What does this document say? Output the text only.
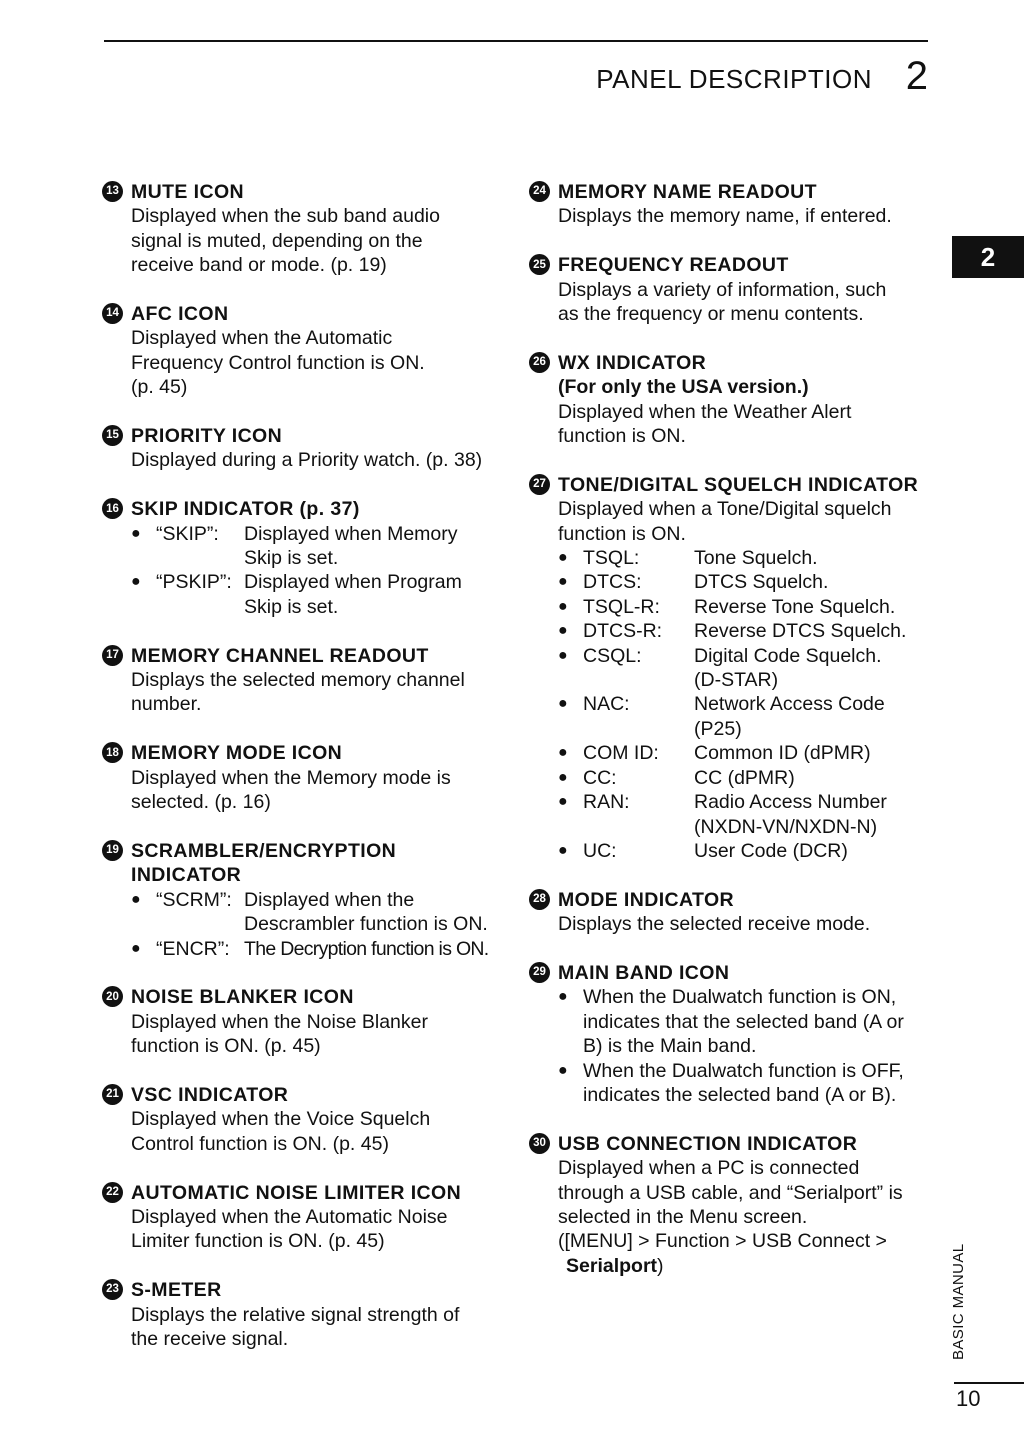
PANEL DESCRIPTION 2
2
13 MUTE ICON
Displayed when the sub band audio
signal is muted, depending on the
receive band or mode. (p. 19)
14 AFC ICON
Displayed when the Automatic
Frequency Control function is ON.
(p. 45)
15 PRIORITY ICON
Displayed during a Priority watch. (p. 38)
16 SKIP INDICATOR (p. 37)
● “SKIP”:	Displayed when Memory
Skip is set.
● “PSKIP”: Displayed when Program
Skip is set.
17 MEMORY CHANNEL READOUT
Displays the selected memory channel
number.
18 MEMORY MODE ICON
Displayed when the Memory mode is
selected. (p. 16)
19 SCRAMBLER/ENCRYPTION
INDICATOR
● “SCRM”: Displayed when the
Descrambler function is ON.
● “ENCR”: The Decryption function is ON.
20 NOISE BLANKER ICON
Displayed when the Noise Blanker
function is ON. (p. 45)
21 VSC INDICATOR
Displayed when the Voice Squelch
Control function is ON. (p. 45)
22 AUTOMATIC NOISE LIMITER ICON
Displayed when the Automatic Noise
Limiter function is ON. (p. 45)
23 S-METER
Displays the relative signal strength of
the receive signal.
24 MEMORY NAME READOUT
Displays the memory name, if entered.
25 FREQUENCY READOUT
Displays a variety of information, such
as the frequency or menu contents.
26 WX INDICATOR
(For only the USA version.)
Displayed when the Weather Alert
function is ON.
27 TONE/DIGITAL SQUELCH INDICATOR
Displayed when a Tone/Digital squelch
function is ON.
● TSQL:	Tone Squelch.
● DTCS:	DTCS Squelch.
● TSQL-R:	Reverse Tone Squelch.
● DTCS-R:	Reverse DTCS Squelch.
● CSQL:	Digital Code Squelch.
(D-STAR)
● NAC:	Network Access Code
(P25)
● COM ID:	Common ID (dPMR)
● CC:	CC (dPMR)
● RAN:	Radio Access Number
(NXDN-VN/NXDN-N)
● UC:	User Code (DCR)
28 MODE INDICATOR
Displays the selected receive mode.
29 MAIN BAND ICON
● When the Dualwatch function is ON,
indicates that the selected band (A or
B) is the Main band.
● When the Dualwatch function is OFF,
indicates the selected band (A or B).
30 USB CONNECTION INDICATOR
Displayed when a PC is connected
through a USB cable, and “Serialport” is
selected in the Menu screen.
([MENU] > Function > USB Connect >
Serialport)	BASIC MANUAL
10
